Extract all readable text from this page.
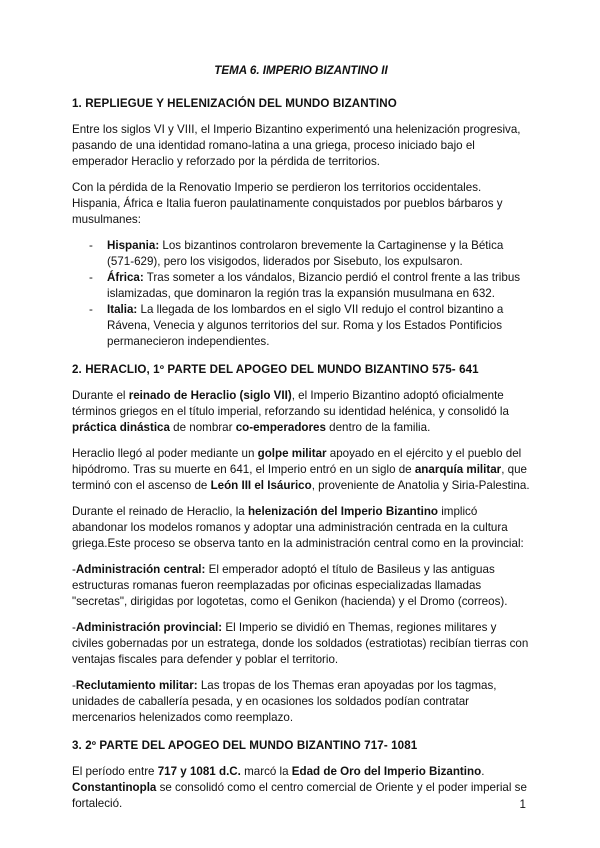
TEMA 6. IMPERIO BIZANTINO II

1. REPLIEGUE Y HELENIZACIÓN DEL MUNDO BIZANTINO

Entre los siglos VI y VIII, el Imperio Bizantino experimentó una helenización progresiva, pasando de una identidad romano-latina a una griega, proceso iniciado bajo el emperador Heraclio y reforzado por la pérdida de territorios.

Con la pérdida de la Renovatio Imperio se perdieron los territorios occidentales. Hispania, África e Italia fueron paulatinamente conquistados por pueblos bárbaros y musulmanes:

- Hispania: Los bizantinos controlaron brevemente la Cartaginense y la Bética (571-629), pero los visigodos, liderados por Sisebuto, los expulsaron.
- África: Tras someter a los vándalos, Bizancio perdió el control frente a las tribus islamizadas, que dominaron la región tras la expansión musulmana en 632.
- Italia: La llegada de los lombardos en el siglo VII redujo el control bizantino a Rávena, Venecia y algunos territorios del sur. Roma y los Estados Pontificios permanecieron independientes.
2. HERACLIO, 1º PARTE DEL APOGEO DEL MUNDO BIZANTINO 575- 641

Durante el reinado de Heraclio (siglo VII), el Imperio Bizantino adoptó oficialmente términos griegos en el título imperial, reforzando su identidad helénica, y consolidó la práctica dinástica de nombrar co-emperadores dentro de la familia.

Heraclio llegó al poder mediante un golpe militar apoyado en el ejército y el pueblo del hipódromo. Tras su muerte en 641, el Imperio entró en un siglo de anarquía militar, que terminó con el ascenso de León III el Isáurico, proveniente de Anatolia y Siria-Palestina.

Durante el reinado de Heraclio, la helenización del Imperio Bizantino implicó abandonar los modelos romanos y adoptar una administración centrada en la cultura griega.Este proceso se observa tanto en la administración central como en la provincial:

-Administración central: El emperador adoptó el título de Basileus y las antiguas estructuras romanas fueron reemplazadas por oficinas especializadas llamadas "secretas", dirigidas por logotetas, como el Genikon (hacienda) y el Dromo (correos).

-Administración provincial: El Imperio se dividió en Themas, regiones militares y civiles gobernadas por un estratega, donde los soldados (estratiotas) recibían tierras con ventajas fiscales para defender y poblar el territorio.

-Reclutamiento militar: Las tropas de los Themas eran apoyadas por los tagmas, unidades de caballería pesada, y en ocasiones los soldados podían contratar mercenarios helenizados como reemplazo.

3. 2º PARTE DEL APOGEO DEL MUNDO BIZANTINO 717- 1081

El período entre 717 y 1081 d.C. marcó la Edad de Oro del Imperio Bizantino. Constantinopla se consolidó como el centro comercial de Oriente y el poder imperial se fortaleció.	1
